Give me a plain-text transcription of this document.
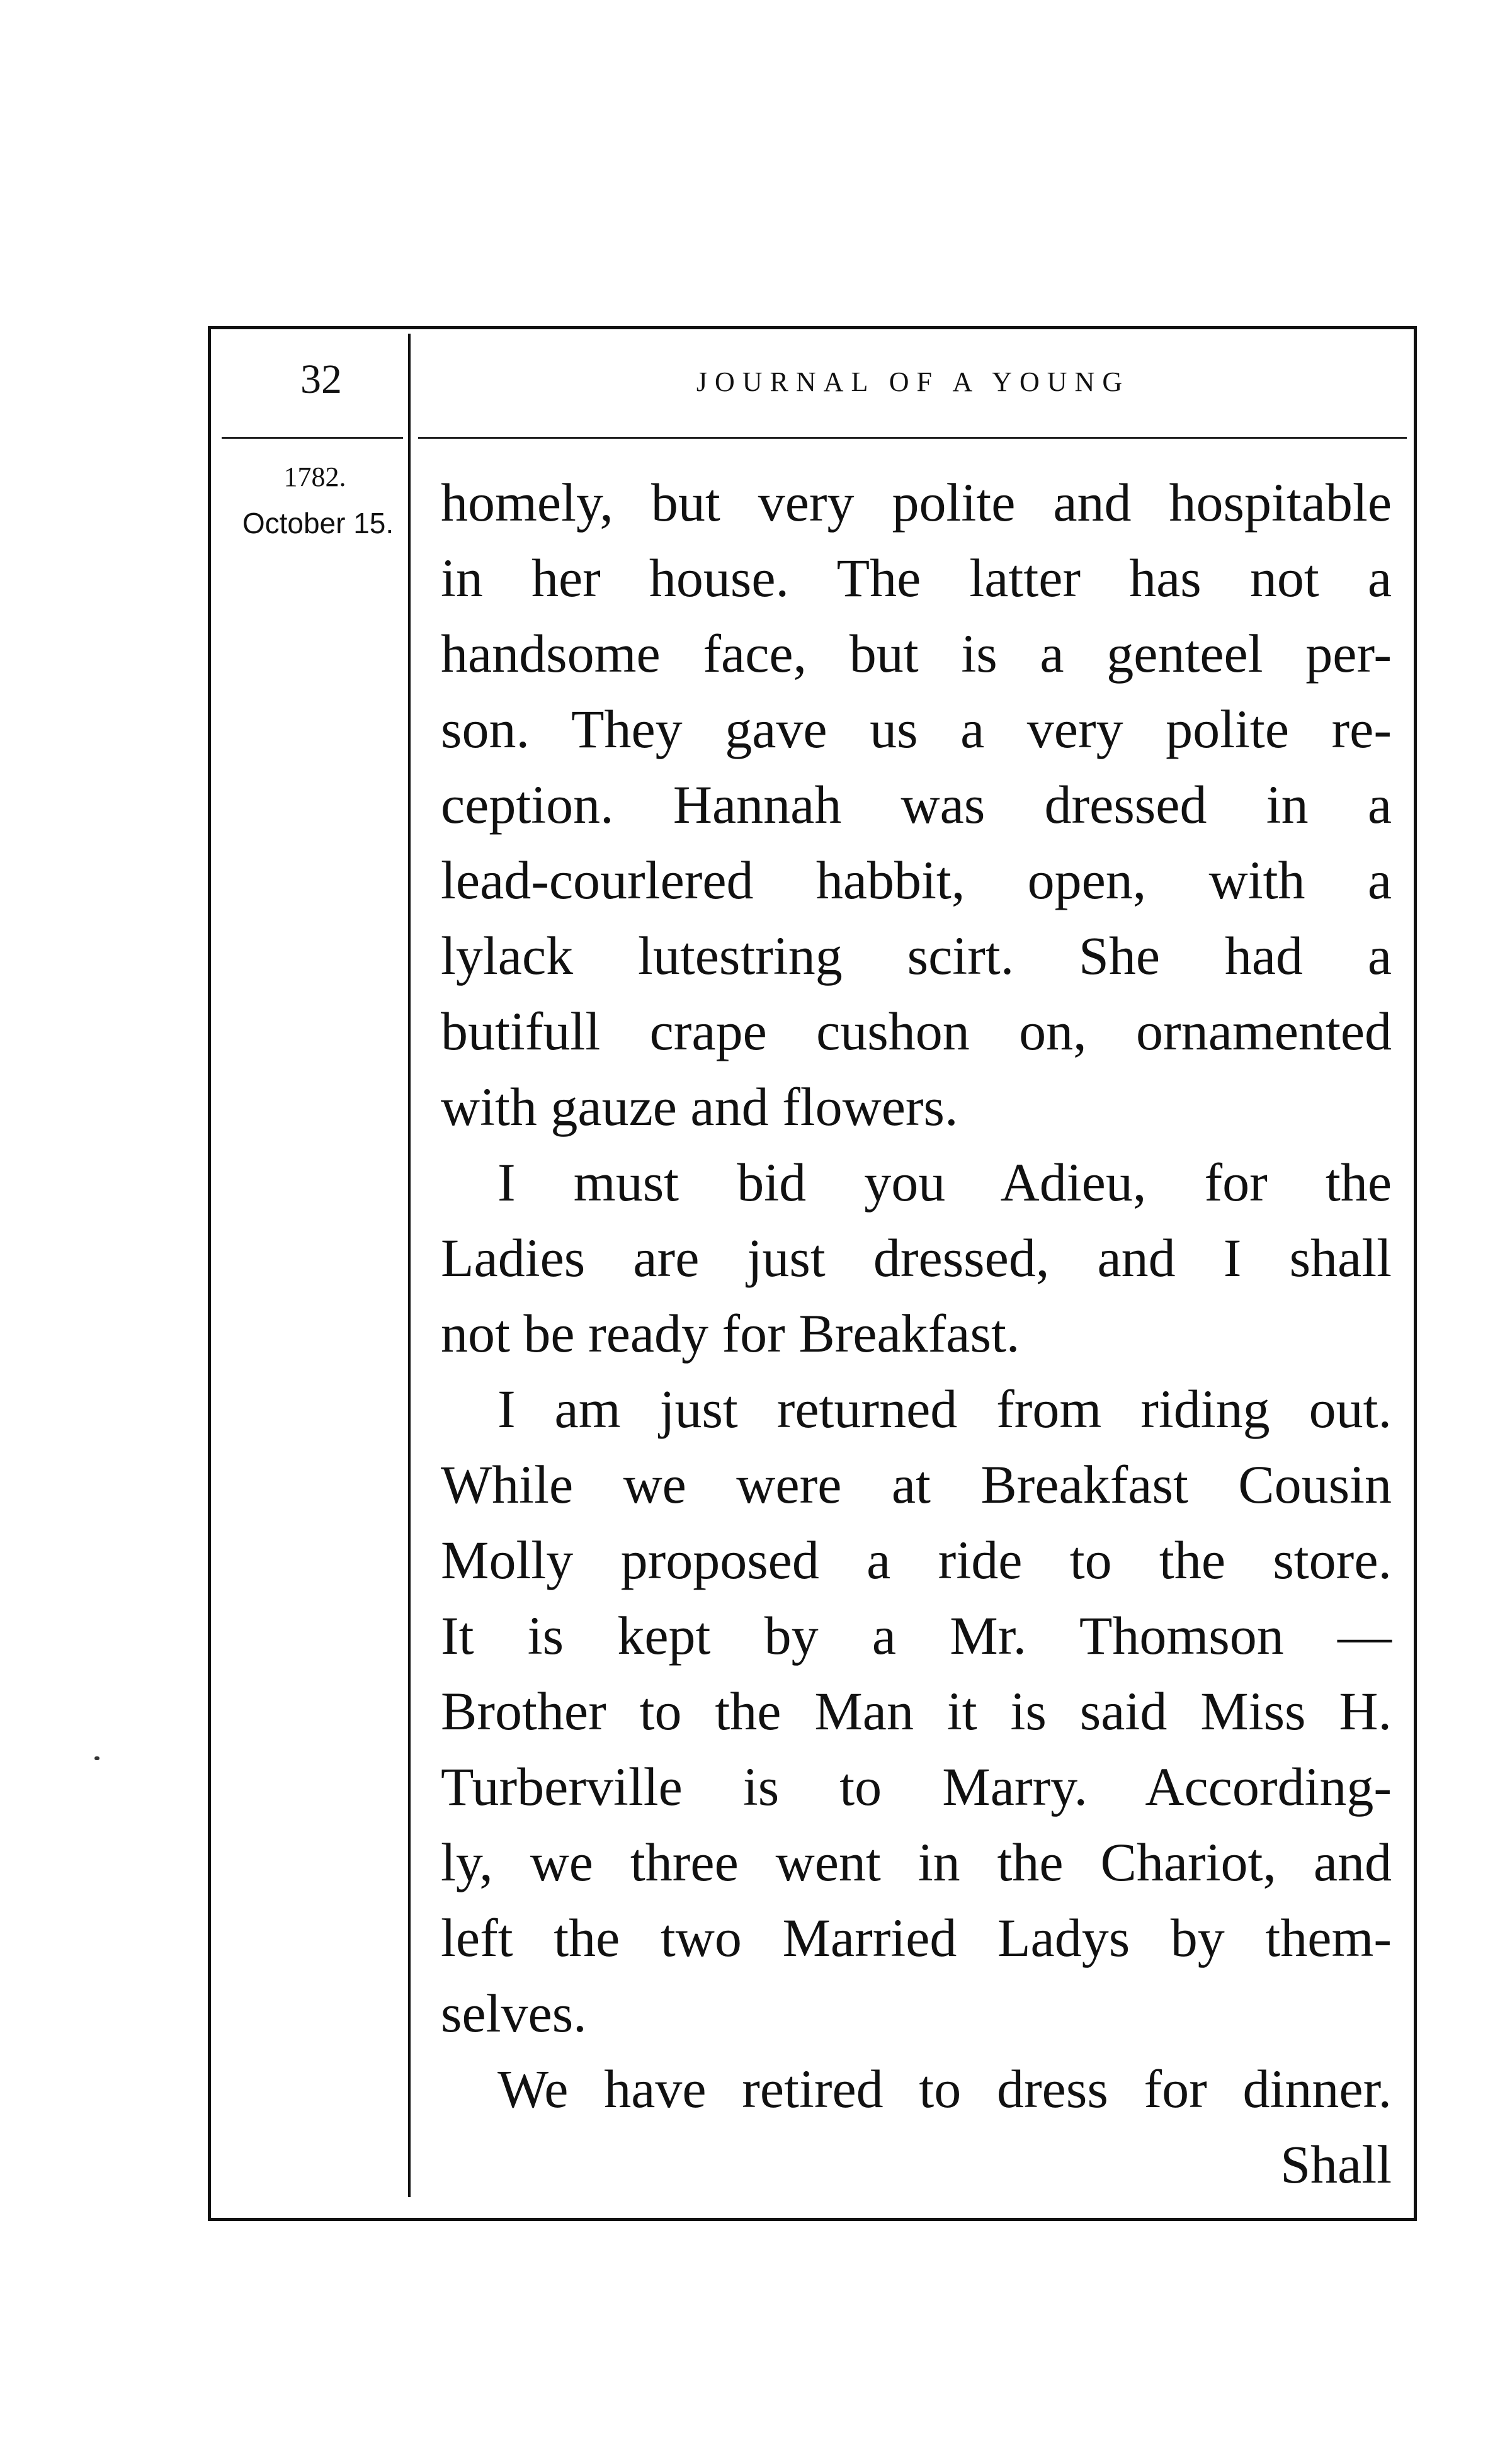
32	JOURNAL OF A YOUNG
1782.
October 15. homely, but very polite and hospitable
in her house. The latter has not a
handsome face, but is a genteel per-
son. They gave us a very polite re-
ception. Hannah was dressed in a
lead-courlered habbit, open, with a
lylack lutestring scirt. She had a
butifull crape cushon on, ornamented
with gauze and flowers.
I must bid you Adieu, for the
Ladies are just dressed, and I shall
not be ready for Breakfast.
I am just returned from riding out.
While we were at Breakfast Cousin
Molly proposed a ride to the store.
It is kept by a Mr. Thomson —
Brother to the Man it is said Miss H.
Turberville is to Marry. According-
ly, we three went in the Chariot, and
left the two Married Ladys by them-
selves.
We have retired to dress for dinner.
Shall
